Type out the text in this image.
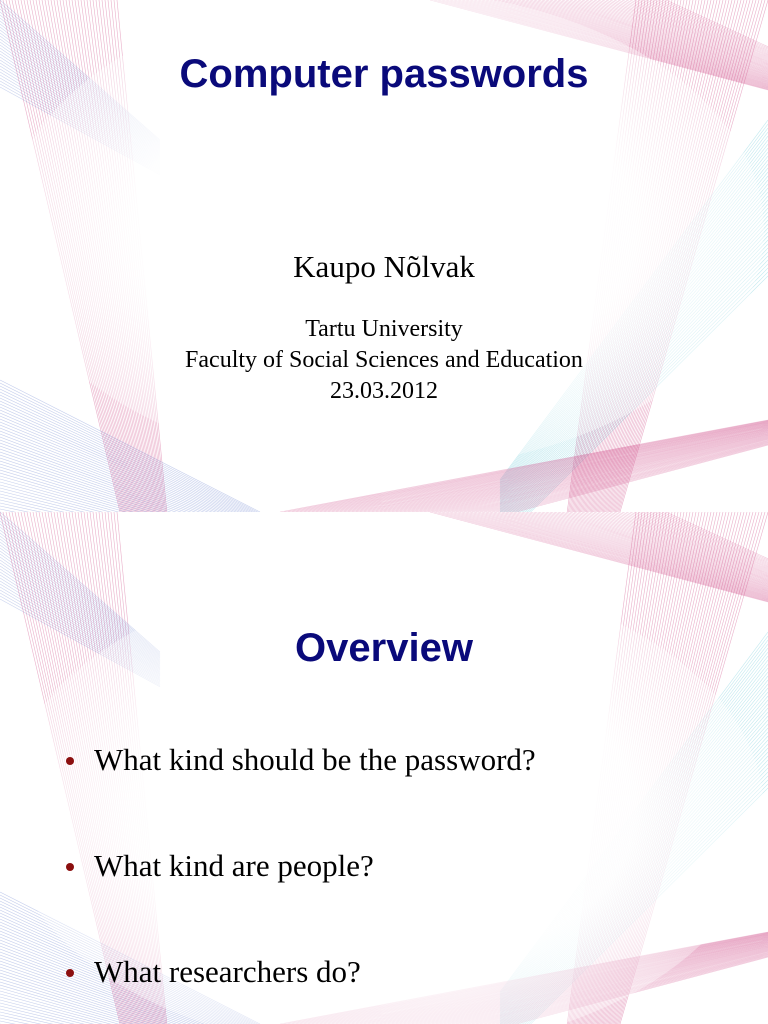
Computer passwords
Kaupo Nõlvak
Tartu University
Faculty of Social Sciences and Education
23.03.2012
Overview
What kind should be the password?
What kind are people?
What researchers do?
